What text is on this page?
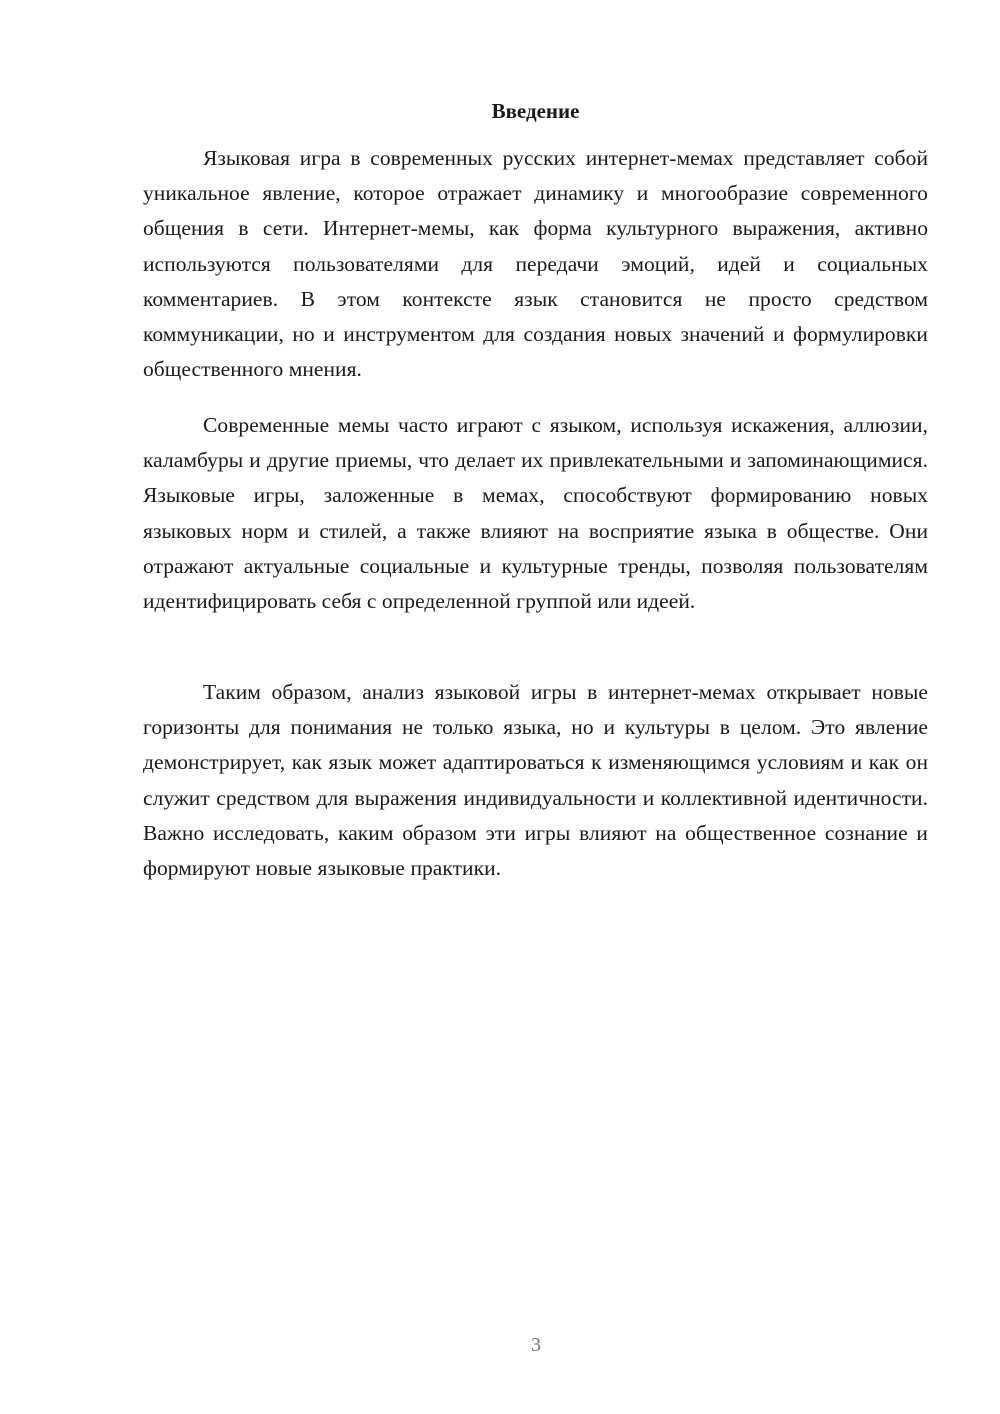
Введение

Языковая игра в современных русских интернет-мемах представляет собой уникальное явление, которое отражает динамику и многообразие современного общения в сети. Интернет-мемы, как форма культурного выражения, активно используются пользователями для передачи эмоций, идей и социальных комментариев. В этом контексте язык становится не просто средством коммуникации, но и инструментом для создания новых значений и формулировки общественного мнения.

Современные мемы часто играют с языком, используя искажения, аллюзии, каламбуры и другие приемы, что делает их привлекательными и запоминающимися. Языковые игры, заложенные в мемах, способствуют формированию новых языковых норм и стилей, а также влияют на восприятие языка в обществе. Они отражают актуальные социальные и культурные тренды, позволяя пользователям идентифицировать себя с определенной группой или идеей.

Таким образом, анализ языковой игры в интернет-мемах открывает новые горизонты для понимания не только языка, но и культуры в целом. Это явление демонстрирует, как язык может адаптироваться к изменяющимся условиям и как он служит средством для выражения индивидуальности и коллективной идентичности. Важно исследовать, каким образом эти игры влияют на общественное сознание и формируют новые языковые практики.

3
